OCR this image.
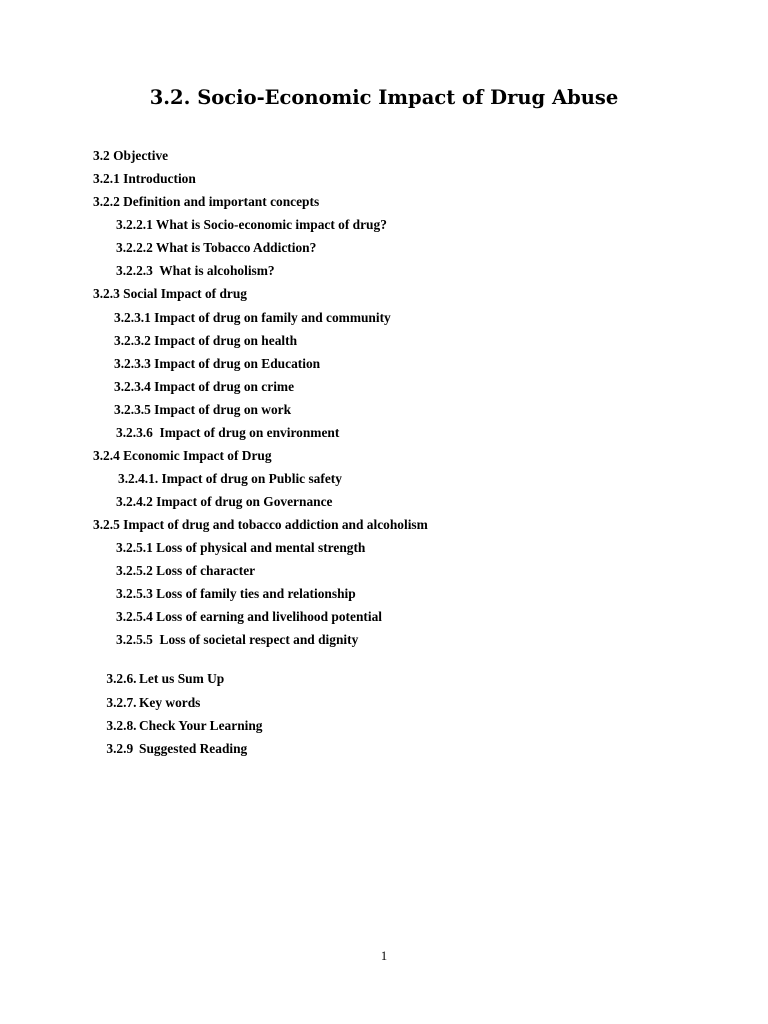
3.2. Socio-Economic Impact of Drug Abuse
3.2 Objective
3.2.1 Introduction
3.2.2 Definition and important concepts
3.2.2.1 What is Socio-economic impact of drug?
3.2.2.2 What is Tobacco Addiction?
3.2.2.3  What is alcoholism?
3.2.3 Social Impact of drug
3.2.3.1 Impact of drug on family and community
3.2.3.2 Impact of drug on health
3.2.3.3 Impact of drug on Education
3.2.3.4 Impact of drug on crime
3.2.3.5 Impact of drug on work
3.2.3.6  Impact of drug on environment
3.2.4 Economic Impact of Drug
3.2.4.1. Impact of drug on Public safety
3.2.4.2 Impact of drug on Governance
3.2.5 Impact of drug and tobacco addiction and alcoholism
3.2.5.1 Loss of physical and mental strength
3.2.5.2 Loss of character
3.2.5.3 Loss of family ties and relationship
3.2.5.4 Loss of earning and livelihood potential
3.2.5.5  Loss of societal respect and dignity

3.2.6. Let us Sum Up

3.2.7. Key words

3.2.8. Check Your Learning

3.2.9 Suggested Reading

1
